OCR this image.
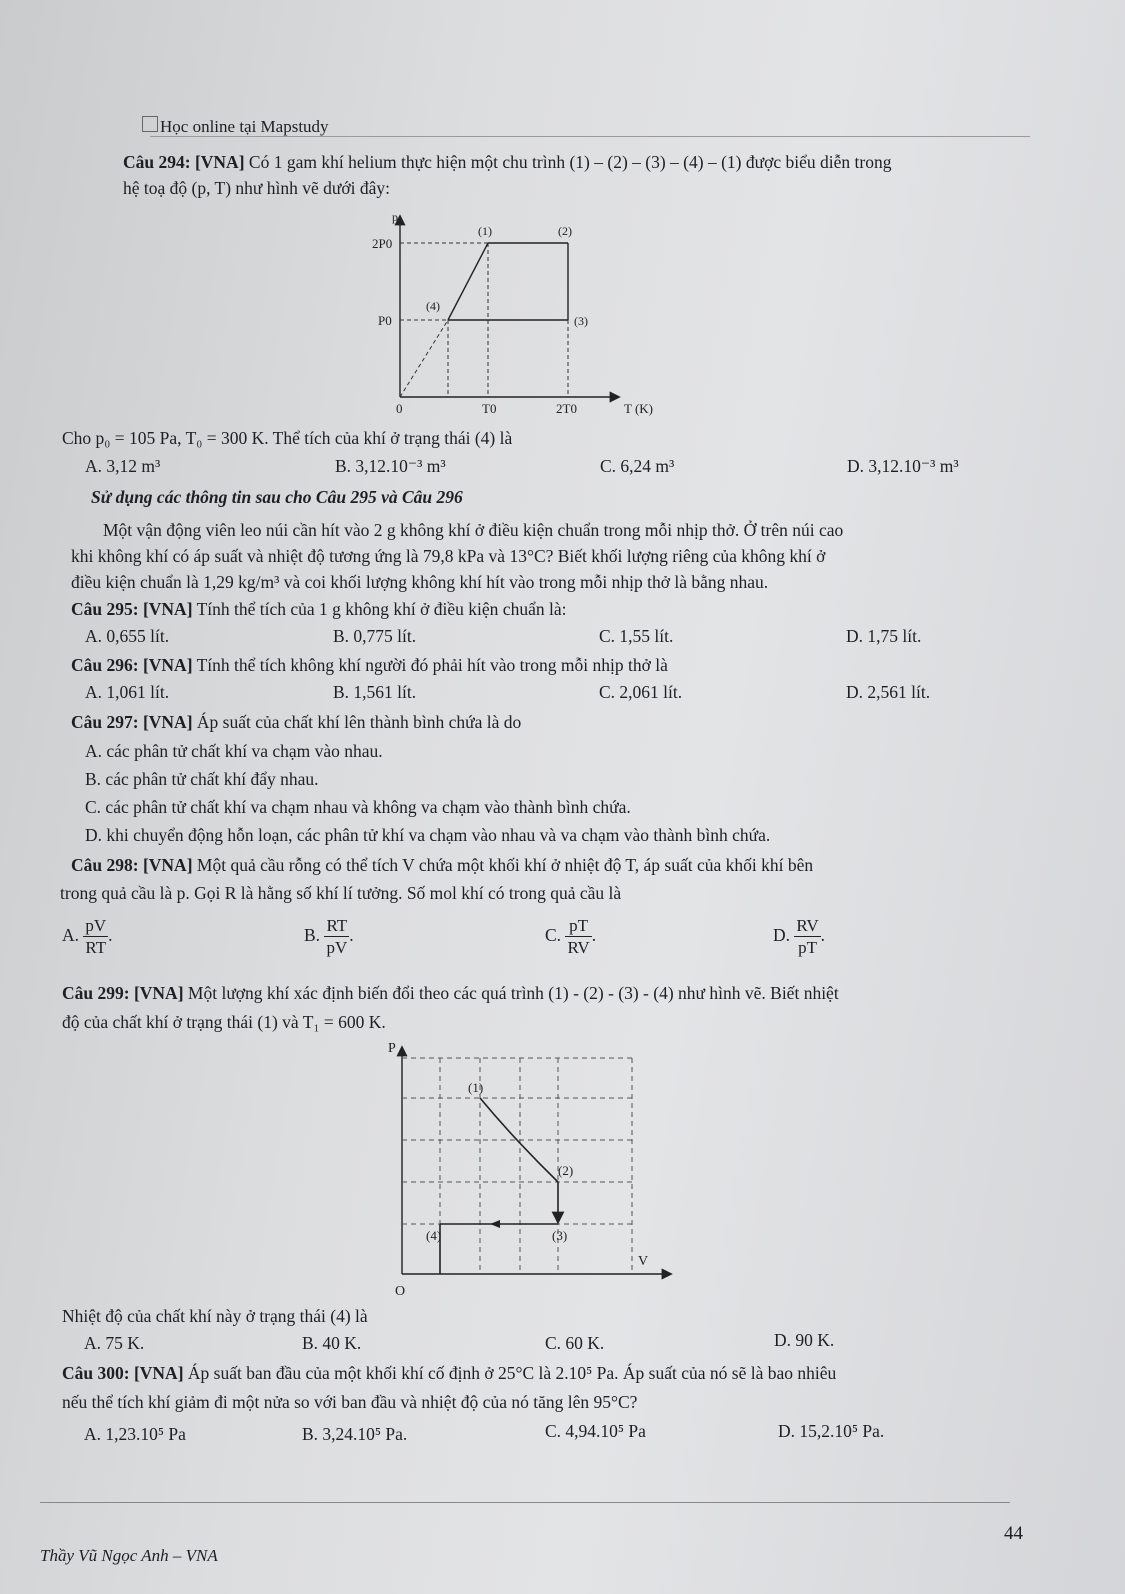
Học online tại Mapstudy
Câu 294: [VNA] Có 1 gam khí helium thực hiện một chu trình (1) – (2) – (3) – (4) – (1) được biểu diễn trong
hệ toạ độ (p, T) như hình vẽ dưới đây:
p
T (K)
2P0
P0
0	T0	2T0
(1)	(2)
(3)
(4)
Cho p₀ = 105 Pa, T₀ = 300 K. Thể tích của khí ở trạng thái (4) là
A. 3,12 m³	B. 3,12.10⁻³ m³	C. 6,24 m³	D. 3,12.10⁻³ m³
Sử dụng các thông tin sau cho Câu 295 và Câu 296
Một vận động viên leo núi cần hít vào 2 g không khí ở điều kiện chuẩn trong mỗi nhịp thở. Ở trên núi cao
khi không khí có áp suất và nhiệt độ tương ứng là 79,8 kPa và 13°C? Biết khối lượng riêng của không khí ở
điều kiện chuẩn là 1,29 kg/m³ và coi khối lượng không khí hít vào trong mỗi nhịp thở là bằng nhau.
Câu 295: [VNA] Tính thể tích của 1 g không khí ở điều kiện chuẩn là:
A. 0,655 lít.	B. 0,775 lít.	C. 1,55 lít.	D. 1,75 lít.
Câu 296: [VNA] Tính thể tích không khí người đó phải hít vào trong mỗi nhịp thở là
A. 1,061 lít.	B. 1,561 lít.	C. 2,061 lít.	D. 2,561 lít.
Câu 297: [VNA] Áp suất của chất khí lên thành bình chứa là do
A. các phân tử chất khí va chạm vào nhau.
B. các phân tử chất khí đẩy nhau.
C. các phân tử chất khí va chạm nhau và không va chạm vào thành bình chứa.
D. khi chuyển động hỗn loạn, các phân tử khí va chạm vào nhau và va chạm vào thành bình chứa.
Câu 298: [VNA] Một quả cầu rỗng có thể tích V chứa một khối khí ở nhiệt độ T, áp suất của khối khí bên
trong quả cầu là p. Gọi R là hằng số khí lí tưởng. Số mol khí có trong quả cầu là
A. $\frac{pV}{RT}$ .	B. $\frac{RT}{pV}$ .	C. $\frac{pT}{RV}$ .	D. $\frac{RV}{pT}$ .
Câu 299: [VNA] Một lượng khí xác định biến đổi theo các quá trình (1) - (2) - (3) - (4) như hình vẽ. Biết nhiệt
độ của chất khí ở trạng thái (1) và T₁ = 600 K.
P
V
O
(1)
(2)
(3)
(4)
Nhiệt độ của chất khí này ở trạng thái (4) là
A. 75 K.	B. 40 K.	C. 60 K.	D. 90 K.
Câu 300: [VNA] Áp suất ban đầu của một khối khí cố định ở 25°C là 2.10⁵ Pa. Áp suất của nó sẽ là bao nhiêu
nếu thể tích khí giảm đi một nửa so với ban đầu và nhiệt độ của nó tăng lên 95°C?
A. 1,23.10⁵ Pa	B. 3,24.10⁵ Pa.	C. 4,94.10⁵ Pa	D. 15,2.10⁵ Pa.
Thầy Vũ Ngọc Anh – VNA
44
